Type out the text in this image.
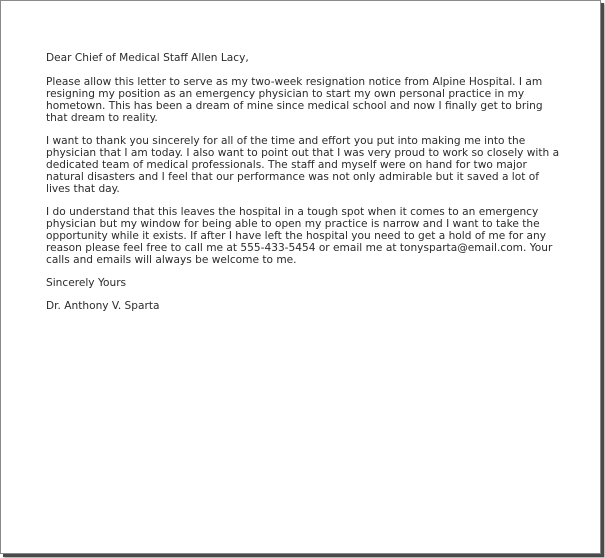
Dear Chief of Medical Staff Allen Lacy,

Please allow this letter to serve as my two-week resignation notice from Alpine Hospital. I am
resigning my position as an emergency physician to start my own personal practice in my
hometown. This has been a dream of mine since medical school and now I finally get to bring
that dream to reality.

I want to thank you sincerely for all of the time and effort you put into making me into the
physician that I am today. I also want to point out that I was very proud to work so closely with a
dedicated team of medical professionals. The staff and myself were on hand for two major
natural disasters and I feel that our performance was not only admirable but it saved a lot of
lives that day.

I do understand that this leaves the hospital in a tough spot when it comes to an emergency
physician but my window for being able to open my practice is narrow and I want to take the
opportunity while it exists. If after I have left the hospital you need to get a hold of me for any
reason please feel free to call me at 555-433-5454 or email me at tonysparta@email.com. Your
calls and emails will always be welcome to me.

Sincerely Yours

Dr. Anthony V. Sparta
